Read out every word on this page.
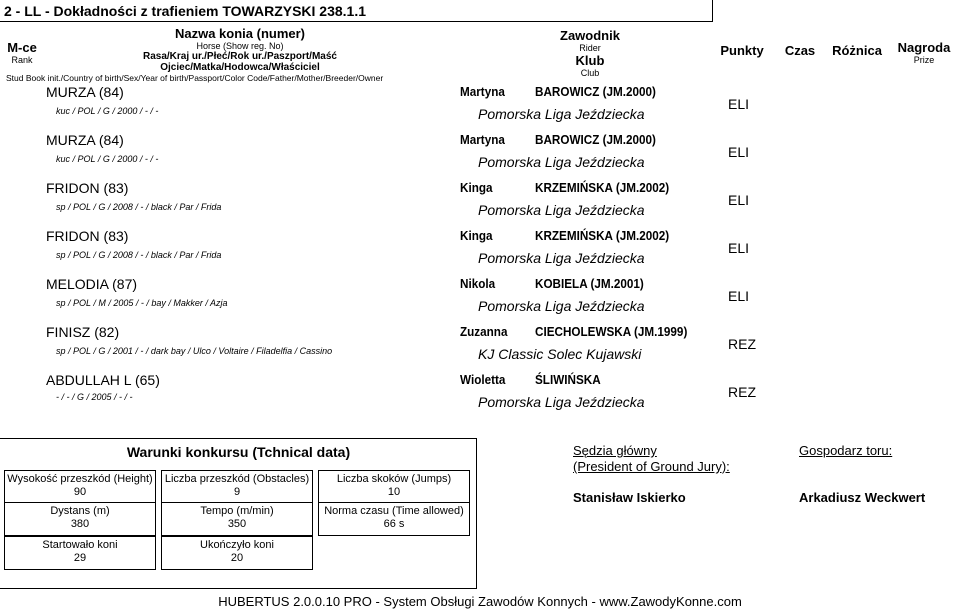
2 - LL - Dokładności z trafieniem TOWARZYSKI 238.1.1
M-ce
Rank
Nazwa konia (numer)
Horse (Show reg. No)
Rasa/Kraj ur./Płeć/Rok ur./Paszport/Maść
Ojciec/Matka/Hodowca/Właściciel
Stud Book init./Country of birth/Sex/Year of birth/Passport/Color Code/Father/Mother/Breeder/Owner
Zawodnik
Rider
Klub
Club
Punkty	Czas	Różnica	Nagroda
Prize
MURZA (84)
kuc / POL / G / 2000 / - / -
Martyna BAROWICZ (JM.2000)
Pomorska Liga Jeździecka
ELI
MURZA (84)
kuc / POL / G / 2000 / - / -
Martyna BAROWICZ (JM.2000)
Pomorska Liga Jeździecka
ELI
FRIDON (83)
sp / POL / G / 2008 / - / black / Par / Frida
Kinga	KRZEMIŃSKA (JM.2002)
Pomorska Liga Jeździecka
ELI
FRIDON (83)
sp / POL / G / 2008 / - / black / Par / Frida
Kinga	KRZEMIŃSKA (JM.2002)
Pomorska Liga Jeździecka
ELI
MELODIA (87)
sp / POL / M / 2005 / - / bay / Makker / Azja
Nikola	KOBIELA (JM.2001)
Pomorska Liga Jeździecka
ELI
FINISZ (82)
sp / POL / G / 2001 / - / dark bay / Ulco / Voltaire / Filadelfia / Cassino
Zuzanna CIECHOLEWSKA (JM.1999)
KJ Classic Solec Kujawski
REZ
ABDULLAH L (65)
- / - / G / 2005 / - / -
Wioletta ŚLIWIŃSKA
Pomorska Liga Jeździecka
REZ
Warunki konkursu (Tchnical data)
Wysokość przeszkód (Height)
90
Liczba przeszkód (Obstacles)
9
Liczba skoków (Jumps)
10
Dystans (m)
380
Tempo (m/min)
350
Norma czasu (Time allowed)
66 s
Startowało koni
29
Ukończyło koni
20
Sędzia główny
(President of Ground Jury):
Stanisław Iskierko
Gospodarz toru:
Arkadiusz Weckwert
HUBERTUS 2.0.0.10 PRO - System Obsługi Zawodów Konnych - www.ZawodyKonne.com
